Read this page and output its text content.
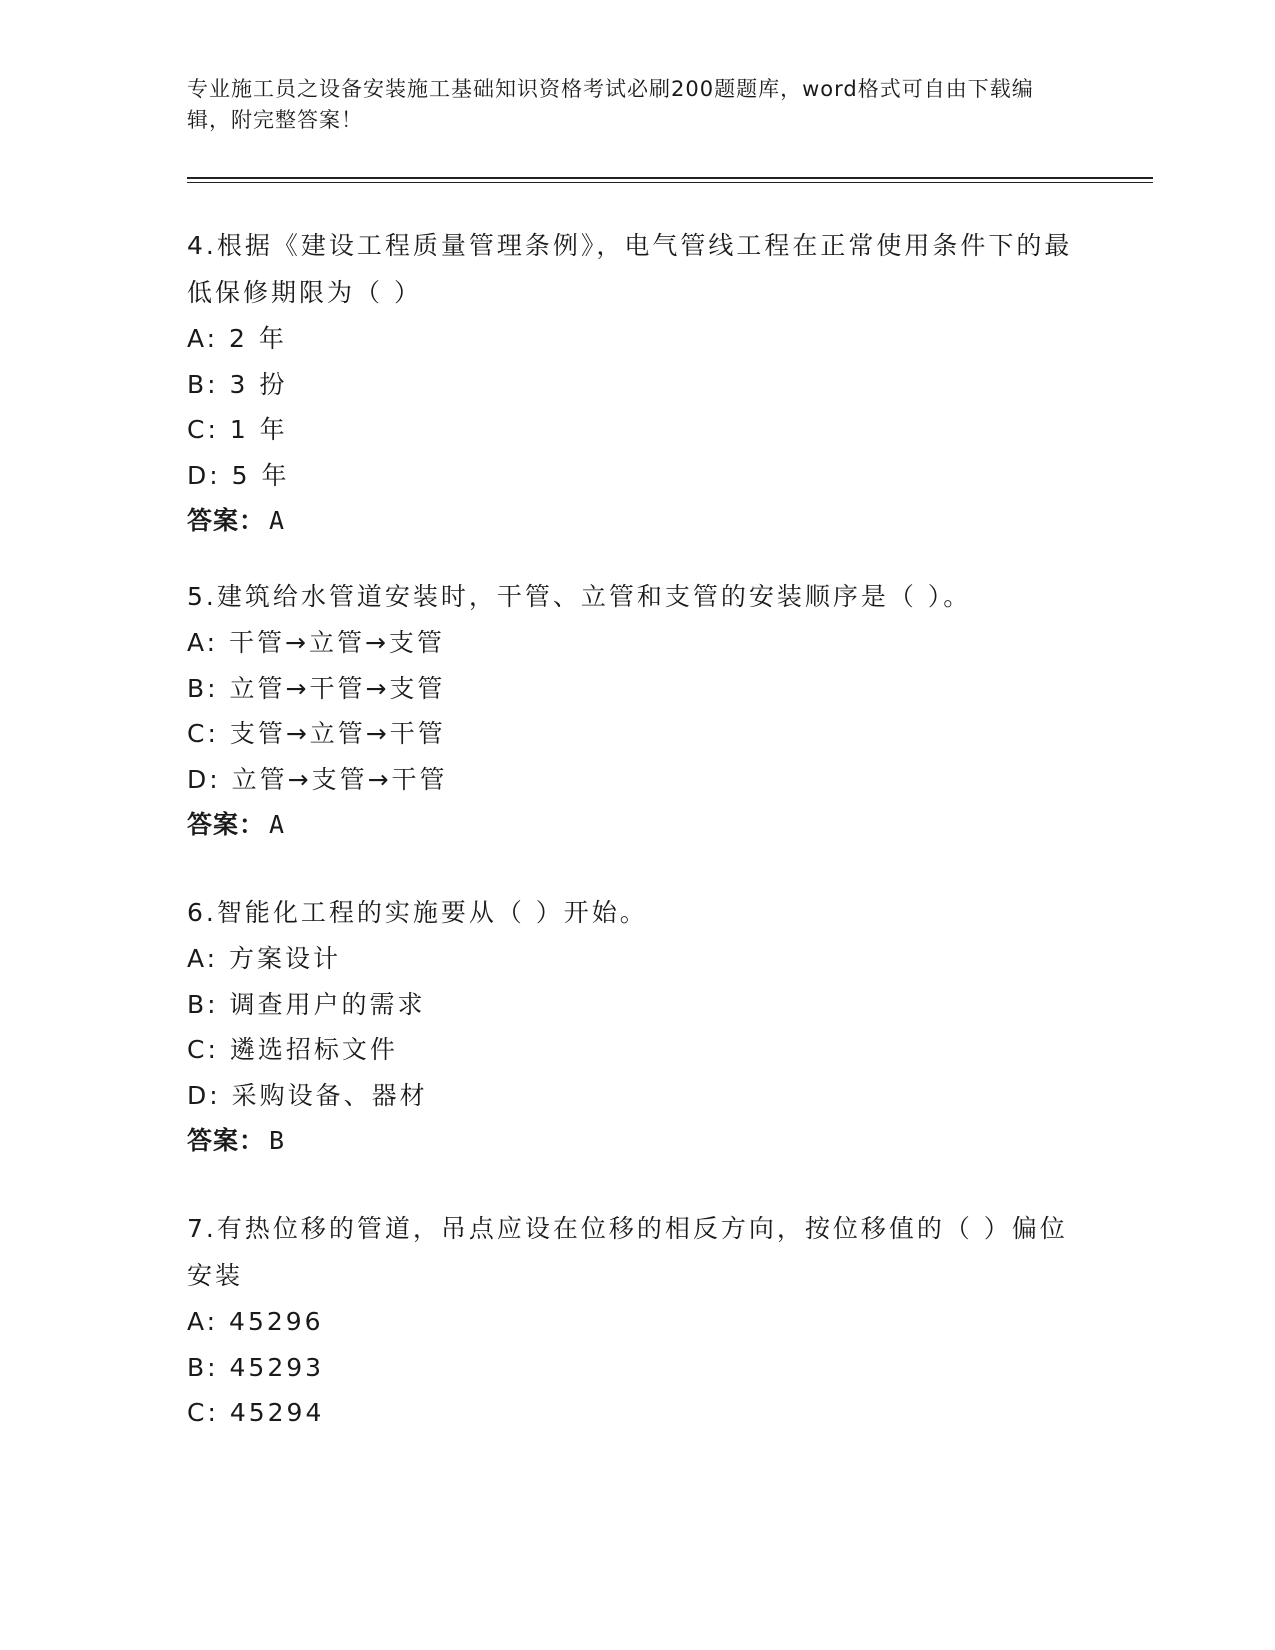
专业施工员之设备安装施工基础知识资格考试必刷200题题库，word格式可自由下载编辑，附完整答案！

4.根据《建设工程质量管理条例》，电气管线工程在正常使用条件下的最低保修期限为（ ）

A: 2 年

B: 3 扮

C: 1 年

D: 5 年

答案： A

5.建筑给水管道安装时，干管、立管和支管的安装顺序是（ ）。

A: 干管→立管→支管

B: 立管→干管→支管

C: 支管→立管→干管

D: 立管→支管→干管

答案： A

6.智能化工程的实施要从（ ）开始。

A: 方案设计

B: 调查用户的需求

C: 遴选招标文件

D: 采购设备、器材

答案： B

7.有热位移的管道，吊点应设在位移的相反方向，按位移值的（ ）偏位安装

A: 45296

B: 45293

C: 45294
